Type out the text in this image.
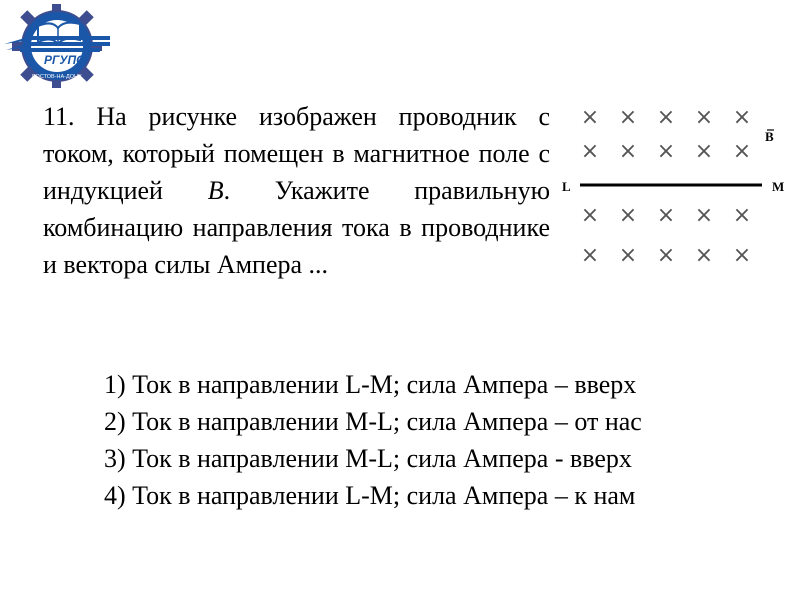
U
РГУПС
РОСТОВ-НА-ДОНУ
11. На рисунке изображен проводник с током, который помещен в магнитное поле с индукцией B. Укажите правильную комбинацию направления тока в проводнике и вектора силы Ампера ...
L	M
B
× × × × ×
× × × × ×
× × × × ×
× × × × ×
1) Ток в направлении L-M; сила Ампера – вверх
2) Ток в направлении M-L; сила Ампера – от нас
3) Ток в направлении M-L; сила Ампера - вверх
4) Ток в направлении L-M; сила Ампера – к нам
